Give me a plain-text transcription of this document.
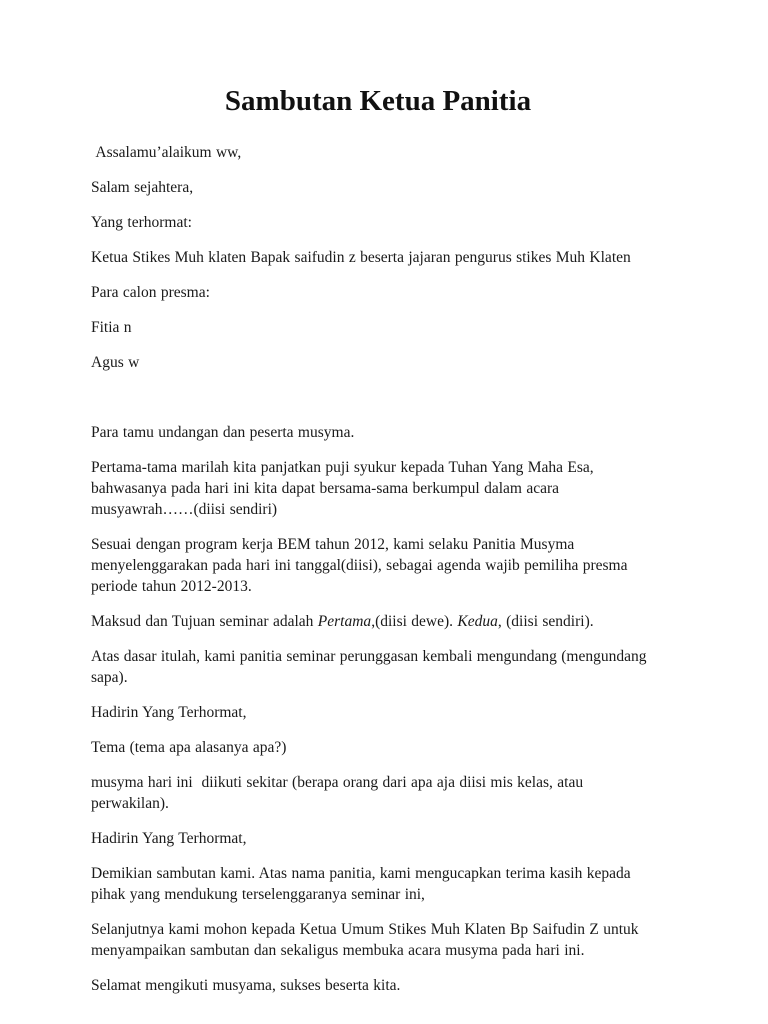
Sambutan Ketua Panitia

Assalamu’alaikum ww,

Salam sejahtera,

Yang terhormat:

Ketua Stikes Muh klaten Bapak saifudin z beserta jajaran pengurus stikes Muh Klaten

Para calon presma:

Fitia n

Agus w

Para tamu undangan dan peserta musyma.

Pertama-tama marilah kita panjatkan puji syukur kepada Tuhan Yang Maha Esa, bahwasanya pada hari ini kita dapat bersama-sama berkumpul dalam acara musyawrah……(diisi sendiri)

Sesuai dengan program kerja BEM tahun 2012, kami selaku Panitia Musyma menyelenggarakan pada hari ini tanggal(diisi), sebagai agenda wajib pemiliha presma periode tahun 2012-2013.

Maksud dan Tujuan seminar adalah Pertama,(diisi dewe). Kedua, (diisi sendiri).

Atas dasar itulah, kami panitia seminar perunggasan kembali mengundang (mengundang sapa).

Hadirin Yang Terhormat,

Tema (tema apa alasanya apa?)

musyma hari ini  diikuti sekitar (berapa orang dari apa aja diisi mis kelas, atau perwakilan).

Hadirin Yang Terhormat,

Demikian sambutan kami. Atas nama panitia, kami mengucapkan terima kasih kepada pihak yang mendukung terselenggaranya seminar ini,

Selanjutnya kami mohon kepada Ketua Umum Stikes Muh Klaten Bp Saifudin Z untuk menyampaikan sambutan dan sekaligus membuka acara musyma pada hari ini.

Selamat mengikuti musyama, sukses beserta kita.
